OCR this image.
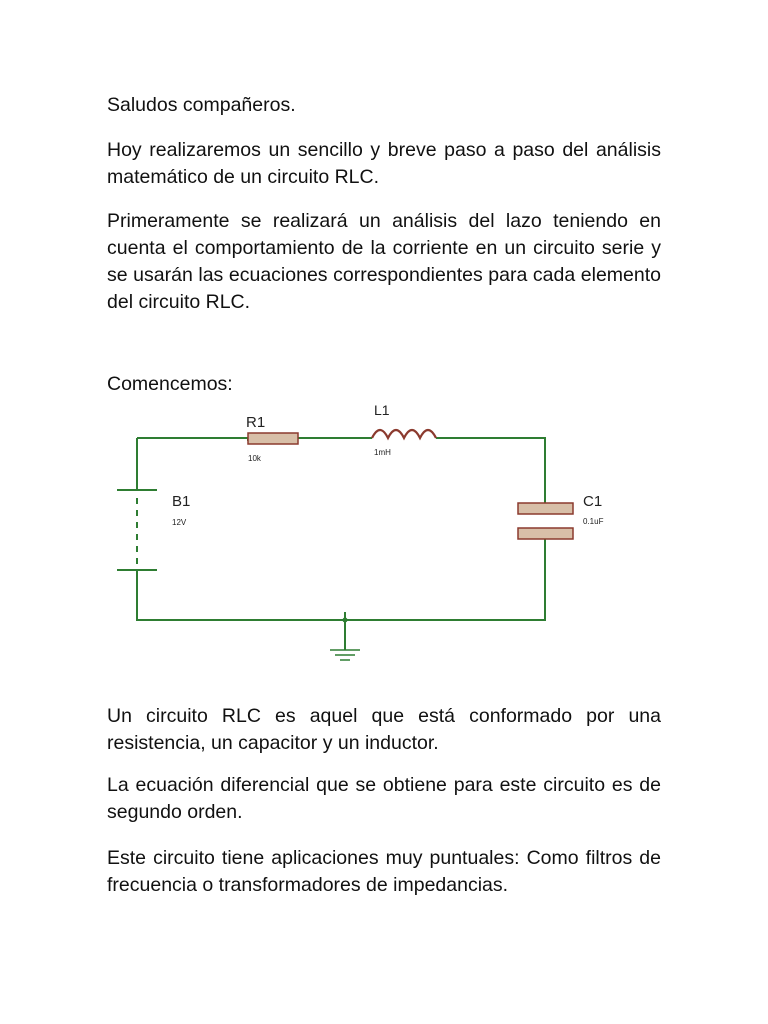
Saludos compañeros.

Hoy realizaremos un sencillo y breve paso a paso del análisis matemático de un circuito RLC.

Primeramente se realizará un análisis del lazo teniendo en cuenta el comportamiento de la corriente en un circuito serie y se usarán las ecuaciones correspondientes para cada elemento del circuito RLC.

Comencemos:

R1
10k
L1
1mH
B1
12V
C1
0.1uF

Un circuito RLC es aquel que está conformado por una resistencia, un capacitor y un inductor.

La ecuación diferencial que se obtiene para este circuito es de segundo orden.

Este circuito tiene aplicaciones muy puntuales: Como filtros de frecuencia o transformadores de impedancias.
